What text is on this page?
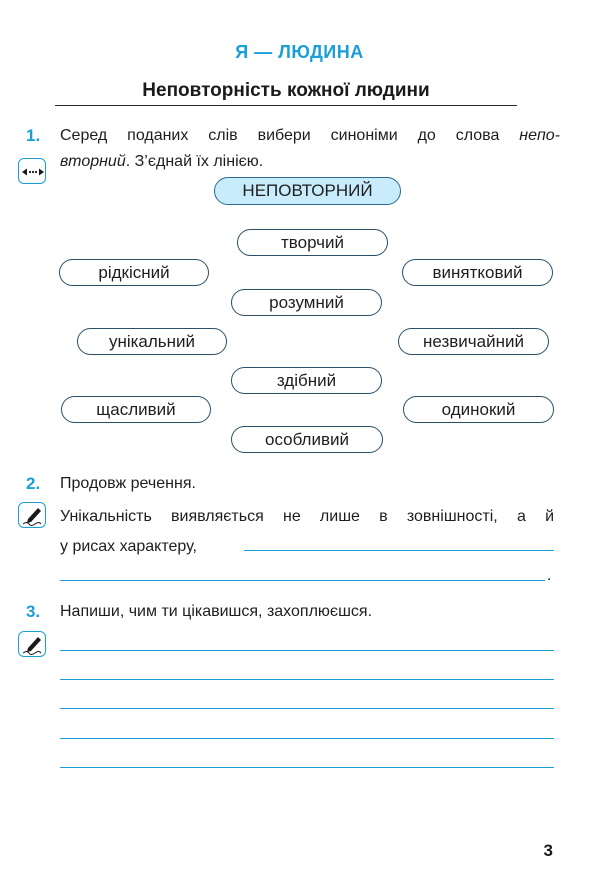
Я — ЛЮДИНА
Неповторність кожної людини
1. Серед поданих слів вибери синоніми до слова непо-
вторний. З’єднай їх лінією.
НЕПОВТОРНИЙ
творчий
рідкісний	винятковий
розумний
унікальний	незвичайний
здібний
щасливий	одинокий
особливий
2. Продовж речення.
Унікальність виявляється не лише в зовнішності, а й
у рисах характеру,
.
3. Напиши, чим ти цікавишся, захоплюєшся.
3
